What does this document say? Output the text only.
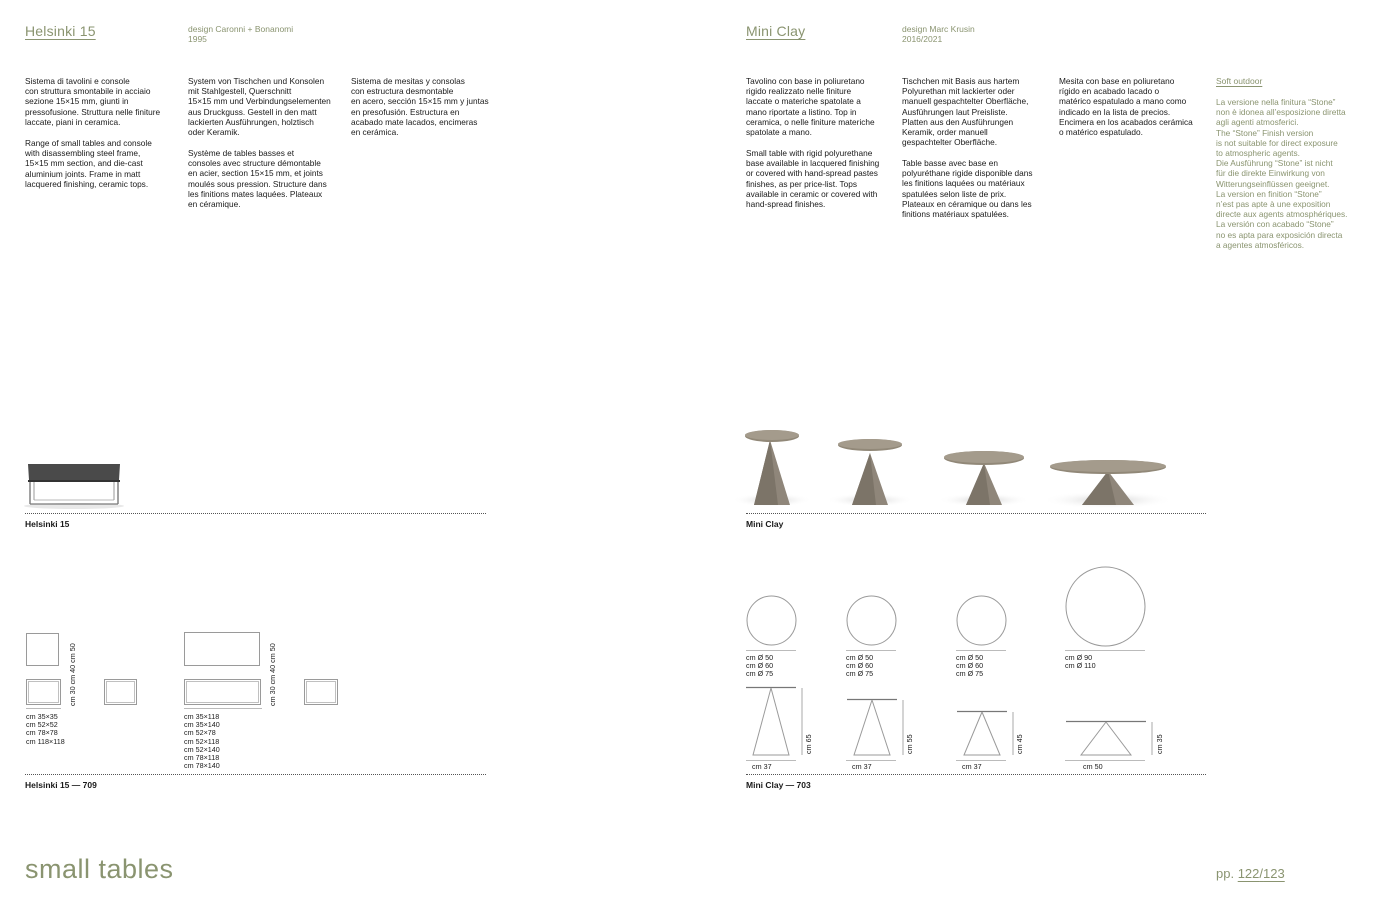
Helsinki 15	design Caronni + Bonanomi
1995
Sistema di tavolini e console
con struttura smontabile in acciaio
sezione 15×15 mm, giunti in
pressofusione. Struttura nelle finiture
laccate, piani in ceramica.
Range of small tables and console
with disassembling steel frame,
15×15 mm section, and die-cast
aluminium joints. Frame in matt
lacquered finishing, ceramic tops.
System von Tischchen und Konsolen
mit Stahlgestell, Querschnitt
15×15 mm und Verbindungselementen
aus Druckguss. Gestell in den matt
lackierten Ausführungen, holztisch
oder Keramik.
Système de tables basses et
consoles avec structure démontable
en acier, section 15×15 mm, et joints
moulés sous pression. Structure dans
les finitions mates laquées. Plateaux
en céramique.
Sistema de mesitas y consolas
con estructura desmontable
en acero, sección 15×15 mm y juntas
en presofusión. Estructura en
acabado mate lacados, encimeras
en cerámica.
Helsinki 15
cm 30 cm 40 cm 50
cm 35×35
cm 52×52
cm 78×78
cm 118×118
cm 30 cm 40 cm 50
cm 35×118
cm 35×140
cm 52×78
cm 52×118
cm 52×140
cm 78×118
cm 78×140
Helsinki 15 — 709
small tables
Mini Clay	design Marc Krusin
2016/2021
Tavolino con base in poliuretano
rigido realizzato nelle finiture
laccate o materiche spatolate a
mano riportate a listino. Top in
ceramica, o nelle finiture materiche
spatolate a mano.
Small table with rigid polyurethane
base available in lacquered finishing
or covered with hand-spread pastes
finishes, as per price-list. Tops
available in ceramic or covered with
hand-spread finishes.
Tischchen mit Basis aus hartem
Polyurethan mit lackierter oder
manuell gespachtelter Oberfläche,
Ausführungen laut Preisliste.
Platten aus den Ausführungen
Keramik, order manuell
gespachtelter Oberfläche.
Table basse avec base en
polyuréthane rigide disponible dans
les finitions laquées ou matériaux
spatulées selon liste de prix.
Plateaux en céramique ou dans les
finitions matériaux spatulées.
Mesita con base en poliuretano
rígido en acabado lacado o
matérico espatulado a mano como
indicado en la lista de precios.
Encimera en los acabados cerámica
o matérico espatulado.
Soft outdoor
La versione nella finitura “Stone”
non è idonea all’esposizione diretta
agli agenti atmosferici.
The “Stone” Finish version
is not suitable for direct exposure
to atmospheric agents.
Die Ausführung “Stone” ist nicht
für die direkte Einwirkung von
Witterungseinflüssen geeignet.
La version en finition “Stone”
n’est pas apte à une exposition
directe aux agents atmosphériques.
La versión con acabado “Stone”
no es apta para exposición directa
a agentes atmosféricos.
Mini Clay
cm Ø 50
cm Ø 60
cm Ø 75
cm Ø 50
cm Ø 60
cm Ø 75
cm Ø 50
cm Ø 60
cm Ø 75
cm Ø 90
cm Ø 110
cm 65	cm 55	cm 45	cm 35
cm 37	cm 37	cm 37	cm 50
Mini Clay — 703
pp. 122/123
